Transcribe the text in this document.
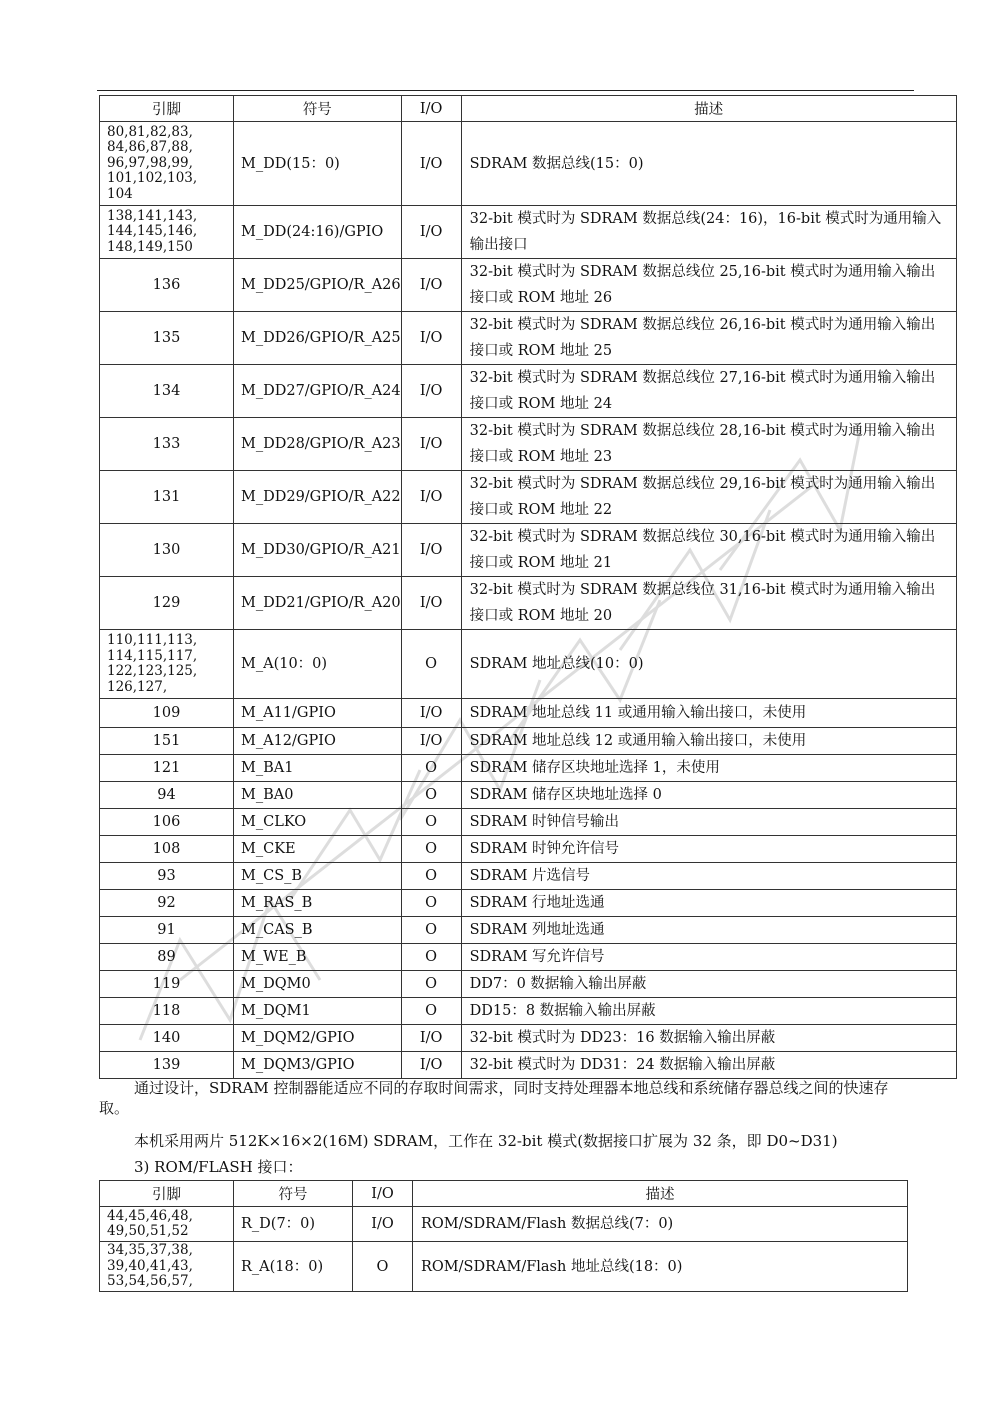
引脚	符号	I/O	描述

80,81,82,83,
84,86,87,88,
96,97,98,99,
101,102,103,
104	M_DD(15：0)	I/O	SDRAM 数据总线(15：0)

138,141,143,
144,145,146,
148,149,150	M_DD(24:16)/GPIO	I/O	32-bit 模式时为 SDRAM 数据总线(24：16)，16-bit 模式时为通用输入输出接口
136	M_DD25/GPIO/R_A26	I/O	32-bit 模式时为 SDRAM 数据总线位 25,16-bit 模式时为通用输入输出接口或 ROM 地址 26
135	M_DD26/GPIO/R_A25	I/O	32-bit 模式时为 SDRAM 数据总线位 26,16-bit 模式时为通用输入输出接口或 ROM 地址 25
134	M_DD27/GPIO/R_A24	I/O	32-bit 模式时为 SDRAM 数据总线位 27,16-bit 模式时为通用输入输出接口或 ROM 地址 24
133	M_DD28/GPIO/R_A23	I/O	32-bit 模式时为 SDRAM 数据总线位 28,16-bit 模式时为通用输入输出接口或 ROM 地址 23
131	M_DD29/GPIO/R_A22	I/O	32-bit 模式时为 SDRAM 数据总线位 29,16-bit 模式时为通用输入输出接口或 ROM 地址 22
130	M_DD30/GPIO/R_A21	I/O	32-bit 模式时为 SDRAM 数据总线位 30,16-bit 模式时为通用输入输出接口或 ROM 地址 21
129	M_DD21/GPIO/R_A20	I/O	32-bit 模式时为 SDRAM 数据总线位 31,16-bit 模式时为通用输入输出接口或 ROM 地址 20

110,111,113,
114,115,117,
122,123,125,
126,127,	M_A(10：0)	O	SDRAM 地址总线(10：0)
109	M_A11/GPIO	I/O	SDRAM 地址总线 11 或通用输入输出接口，未使用
151	M_A12/GPIO	I/O	SDRAM 地址总线 12 或通用输入输出接口，未使用
121	M_BA1	O	SDRAM 储存区块地址选择 1，未使用
94	M_BA0	O	SDRAM 储存区块地址选择 0
106	M_CLKO	O	SDRAM 时钟信号输出
108	M_CKE	O	SDRAM 时钟允许信号
93	M_CS_B	O	SDRAM 片选信号
92	M_RAS_B	O	SDRAM 行地址选通
91	M_CAS_B	O	SDRAM 列地址选通
89	M_WE_B	O	SDRAM 写允许信号
119	M_DQM0	O	DD7：0 数据输入输出屏蔽
118	M_DQM1	O	DD15：8 数据输入输出屏蔽
140	M_DQM2/GPIO	I/O	32-bit 模式时为 DD23：16 数据输入输出屏蔽
139	M_DQM3/GPIO	I/O	32-bit 模式时为 DD31：24 数据输入输出屏蔽
通过设计，SDRAM 控制器能适应不同的存取时间需求，同时支持处理器本地总线和系统储存器总线之间的快速存取。
本机采用两片 512K×16×2(16M) SDRAM，工作在 32-bit 模式(数据接口扩展为 32 条，即 D0~D31)
3) ROM/FLASH 接口：
引脚	符号	I/O	描述

44,45,46,48,
49,50,51,52	R_D(7：0)	I/O	ROM/SDRAM/Flash 数据总线(7：0)

34,35,37,38,
39,40,41,43,
53,54,56,57,	R_A(18：0)	O	ROM/SDRAM/Flash 地址总线(18：0)
